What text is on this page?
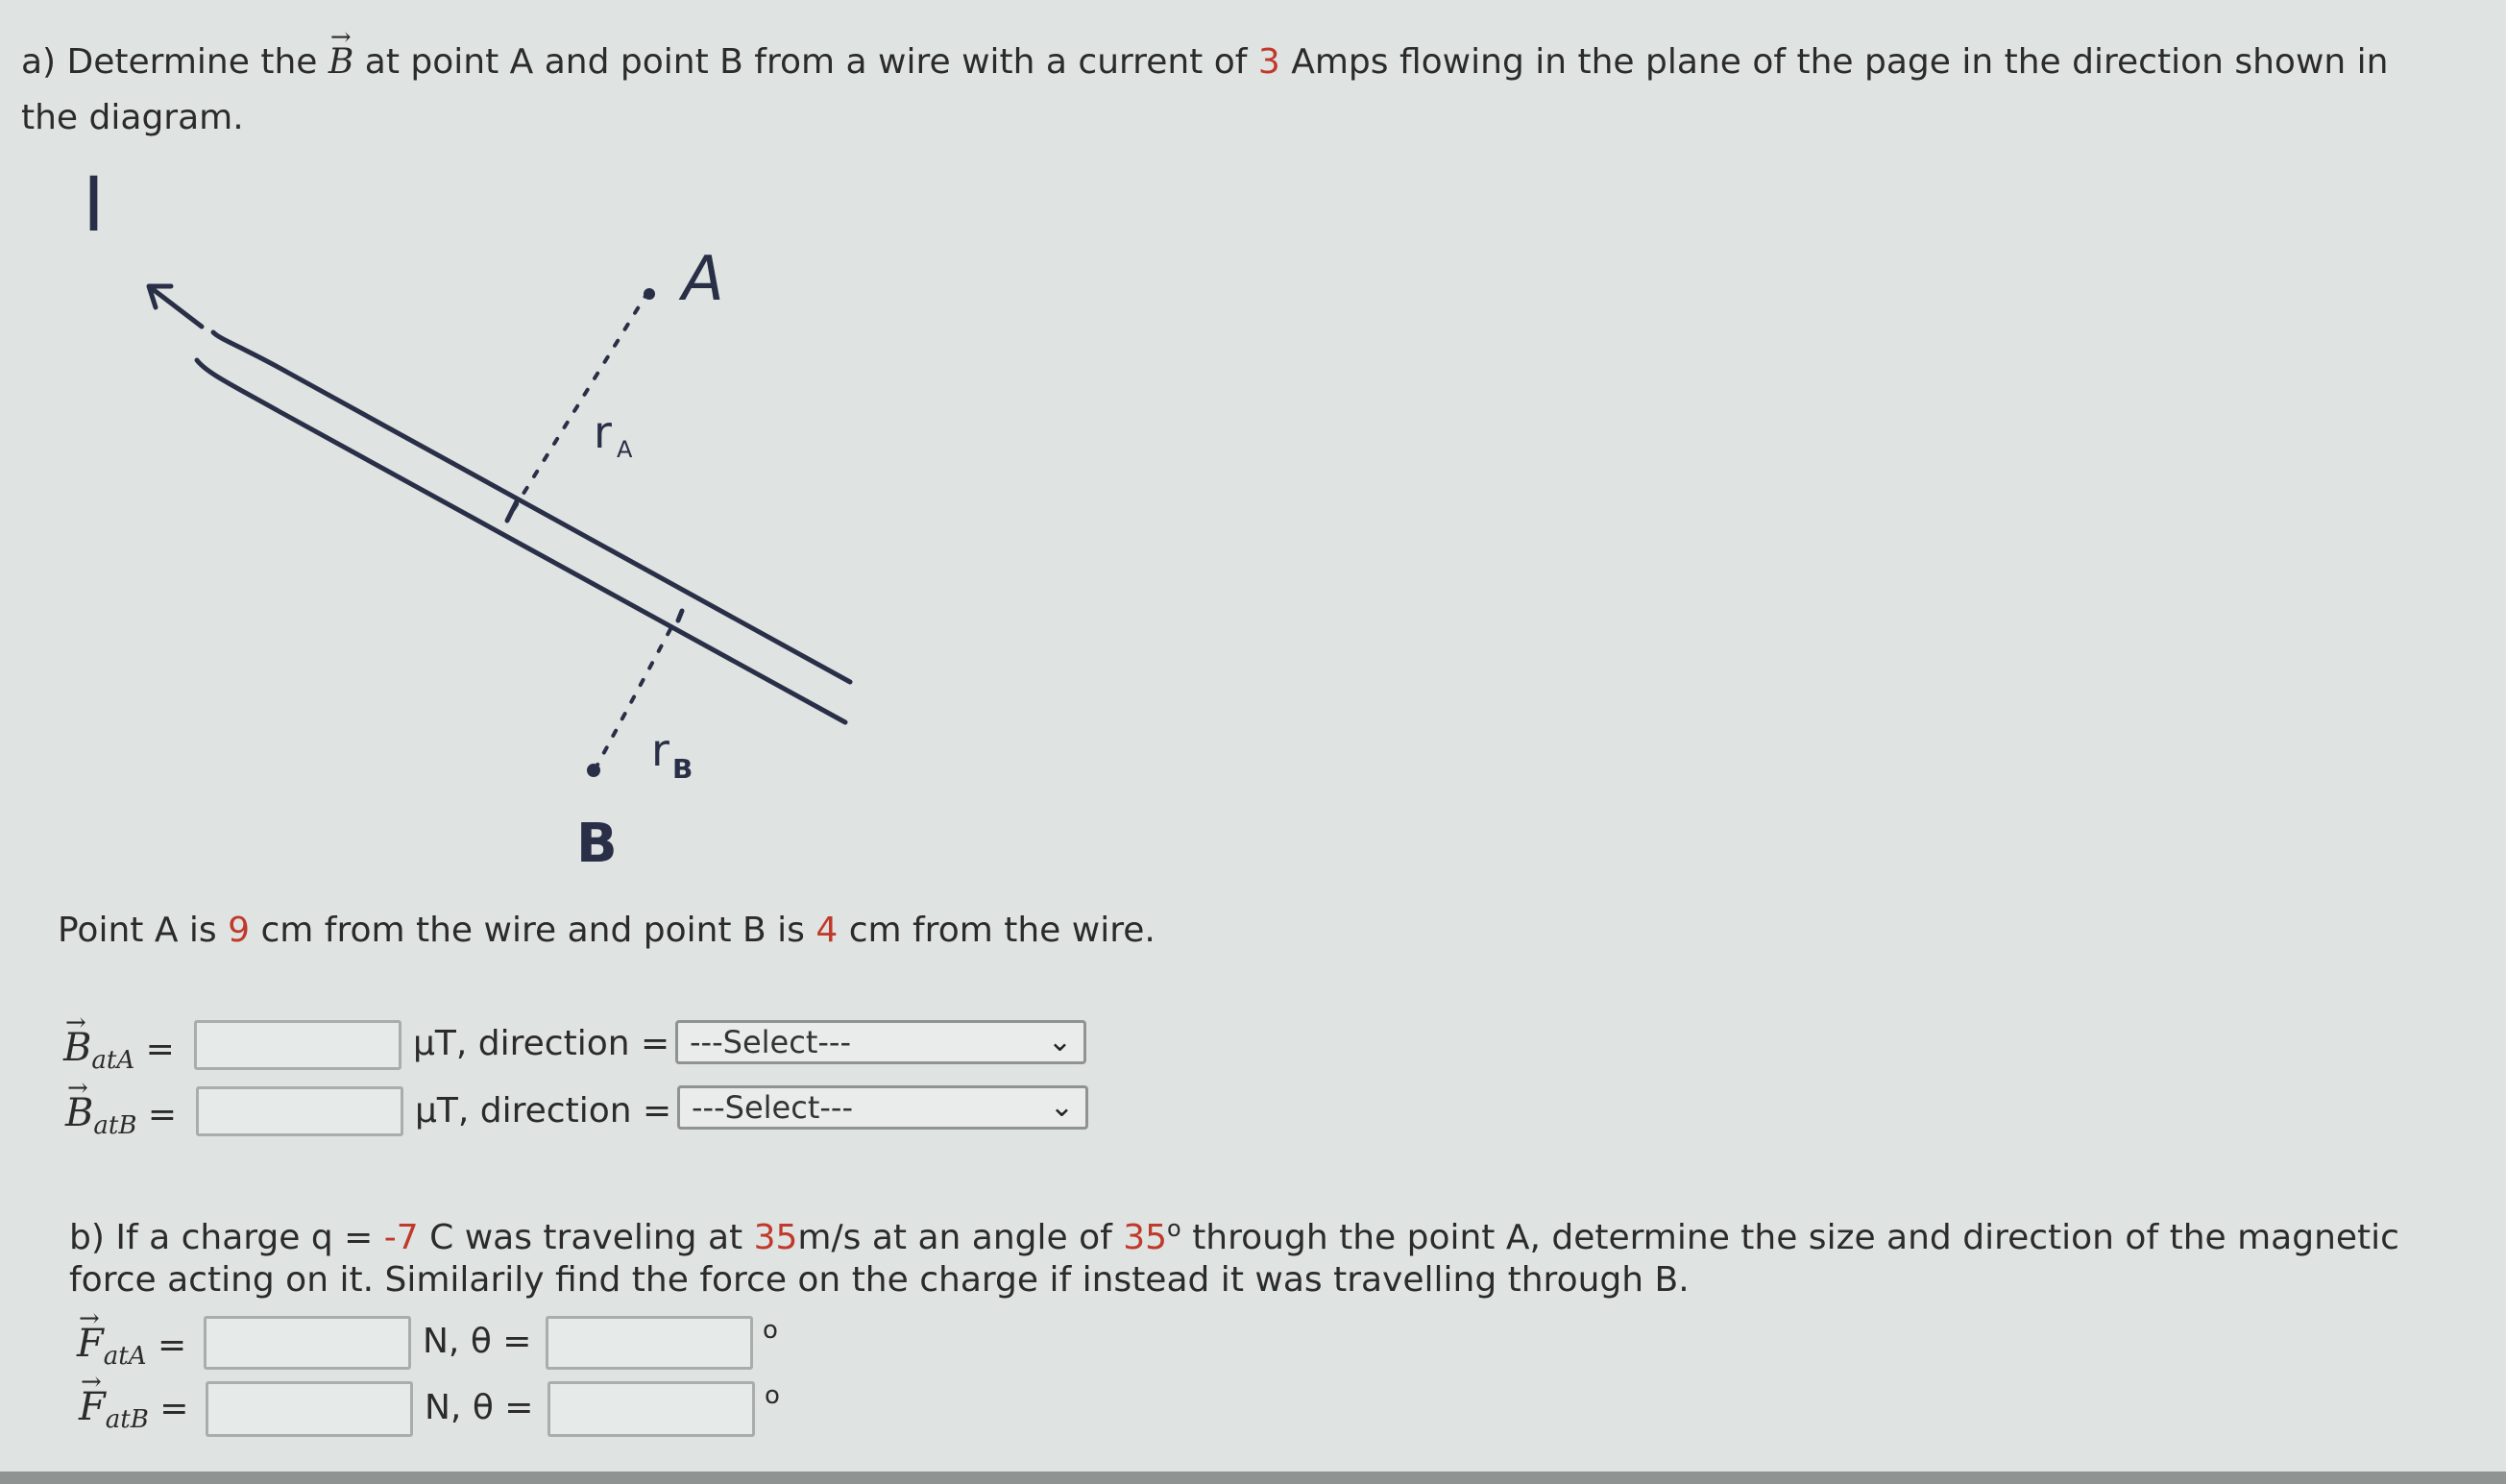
a) Determine the → B at point A and point B from a wire with a current of 3 Amps flowing in the plane of the page in the direction shown in
the diagram.
I
A
B
r A
r B
Point A is 9 cm from the wire and point B is 4 cm from the wire.
→ $B_{atA}$ =	μT, direction = ---Select---	⌄
→ $B_{atB}$ =	μT, direction = ---Select---	⌄
b) If a charge q = -7 C was traveling at 35m/s at an angle of 35$^o$ through the point A, determine the size and direction of the magnetic
force acting on it. Similarily find the force on the charge if instead it was travelling through B.
→ $F_{atA}$ =	N, θ =	o
→ $F_{atB}$ =	N, θ =	o
